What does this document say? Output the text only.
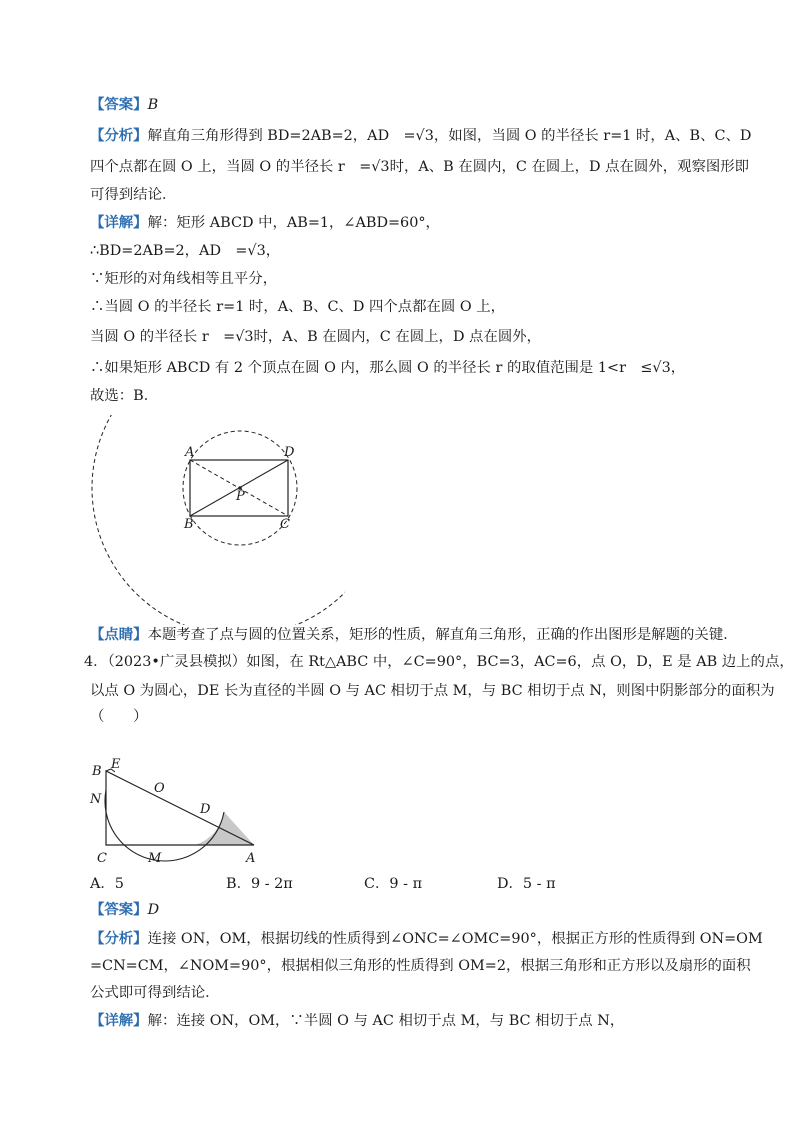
【答案】B
【分析】解直角三角形得到 BD=2AB=2，AD　=√3，如图，当圆 O 的半径长 r=1 时，A、B、C、D
四个点都在圆 O 上，当圆 O 的半径长 r　=√3时，A、B 在圆内，C 在圆上，D 点在圆外，观察图形即
可得到结论．
【详解】解：矩形 ABCD 中，AB=1，∠ABD=60°，
∴BD=2AB=2，AD　=√3，
∵矩形的对角线相等且平分，
∴当圆 O 的半径长 r=1 时，A、B、C、D 四个点都在圆 O 上，
当圆 O 的半径长 r　=√3时，A、B 在圆内，C 在圆上，D 点在圆外，
∴如果矩形 ABCD 有 2 个顶点在圆 O 内，那么圆 O 的半径长 r 的取值范围是 1<r　≤√3，
故选：B．
A	D
P
B	C
【点睛】本题考查了点与圆的位置关系，矩形的性质，解直角三角形，正确的作出图形是解题的关键．
4．（2023•广灵县模拟）如图，在 Rt△ABC 中，∠C=90°，BC=3，AC=6，点 O，D，E 是 AB 边上的点，
以点 O 为圆心，DE 长为直径的半圆 O 与 AC 相切于点 M，与 BC 相切于点 N，则图中阴影部分的面积为
（　　）
B E
N
O
D
C	M	A
A．5	B．9 - 2π	C．9 - π	D．5 - π
【答案】D
【分析】连接 ON，OM，根据切线的性质得到∠ONC=∠OMC=90°，根据正方形的性质得到 ON=OM
=CN=CM，∠NOM=90°，根据相似三角形的性质得到 OM=2，根据三角形和正方形以及扇形的面积
公式即可得到结论．
【详解】解：连接 ON，OM，∵半圆 O 与 AC 相切于点 M，与 BC 相切于点 N，
